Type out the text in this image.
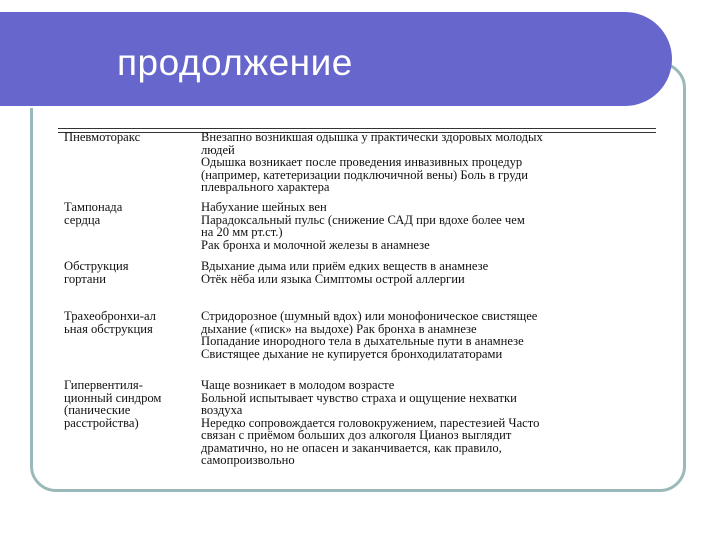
продолжение
Пневмоторакс	Внезапно возникшая одышка у практически здоровых молодых
людей
Одышка возникает после проведения инвазивных процедур
(например, катетеризации подключичной вены) Боль в груди
плеврального характера
Тампонада
сердца
Набухание шейных вен
Парадоксальный пульс (снижение САД при вдохе более чем
на 20 мм рт.ст.)
Рак бронха и молочной железы в анамнезе
Обструкция
гортани
Вдыхание дыма или приём едких веществ в анамнезе
Отёк нёба или языка Симптомы острой аллергии
Трахеобронхи-ал
ьная обструкция
Стридорозное (шумный вдох) или монофоническое свистящее
дыхание («писк» на выдохе) Рак бронха в анамнезе
Попадание инородного тела в дыхательные пути в анамнезе
Свистящее дыхание не купируется бронходилататорами
Гипервентиля-
ционный синдром
(панические
расстройства)
Чаще возникает в молодом возрасте
Больной испытывает чувство страха и ощущение нехватки
воздуха
Нередко сопровождается головокружением, парестезией Часто
связан с приёмом больших доз алкоголя Цианоз выглядит
драматично, но не опасен и заканчивается, как правило,
самопроизвольно
